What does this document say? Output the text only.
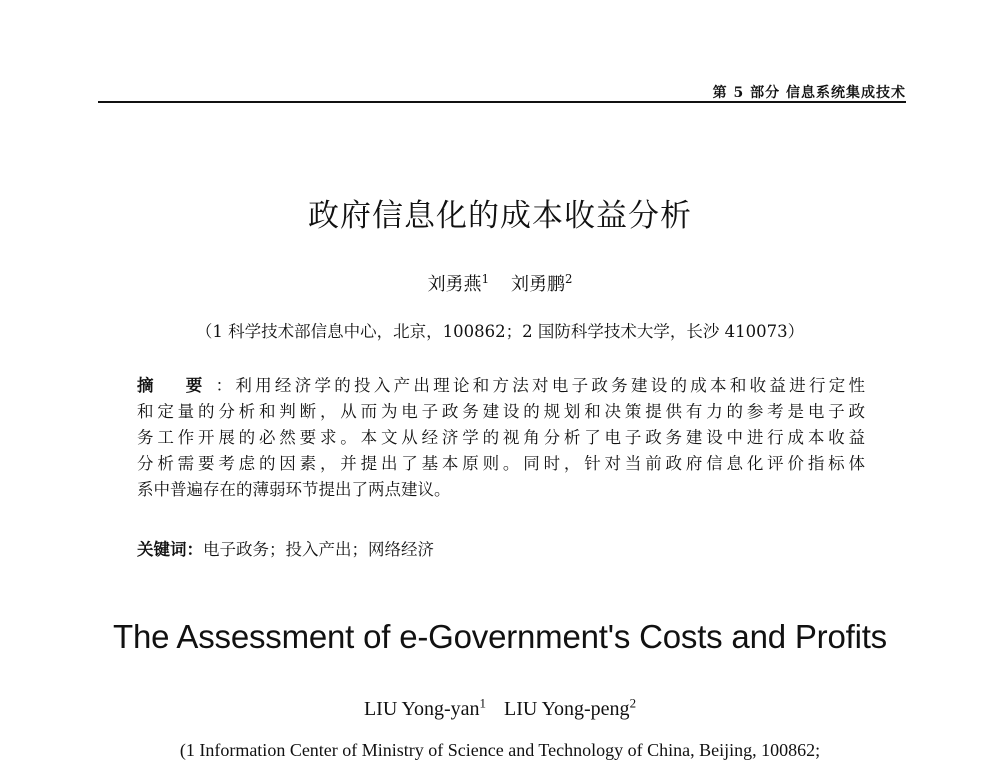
第 5 部分 信息系统集成技术
政府信息化的成本收益分析
刘勇燕$^1$ 刘勇鹏$^2$
（1 科学技术部信息中心，北京，100862；2 国防科学技术大学，长沙 410073）
摘 要：利用经济学的投入产出理论和方法对电子政务建设的成本和收益进行定性
和定量的分析和判断，从而为电子政务建设的规划和决策提供有力的参考是电子政
务工作开展的必然要求。本文从经济学的视角分析了电子政务建设中进行成本收益
分析需要考虑的因素，并提出了基本原则。同时，针对当前政府信息化评价指标体
系中普遍存在的薄弱环节提出了两点建议。
关键词：电子政务；投入产出；网络经济
The Assessment of e-Government's Costs and Profits
LIU Yong-yan$^1$ LIU Yong-peng$^2$
(1 Information Center of Ministry of Science and Technology of China, Beijing, 100862;
